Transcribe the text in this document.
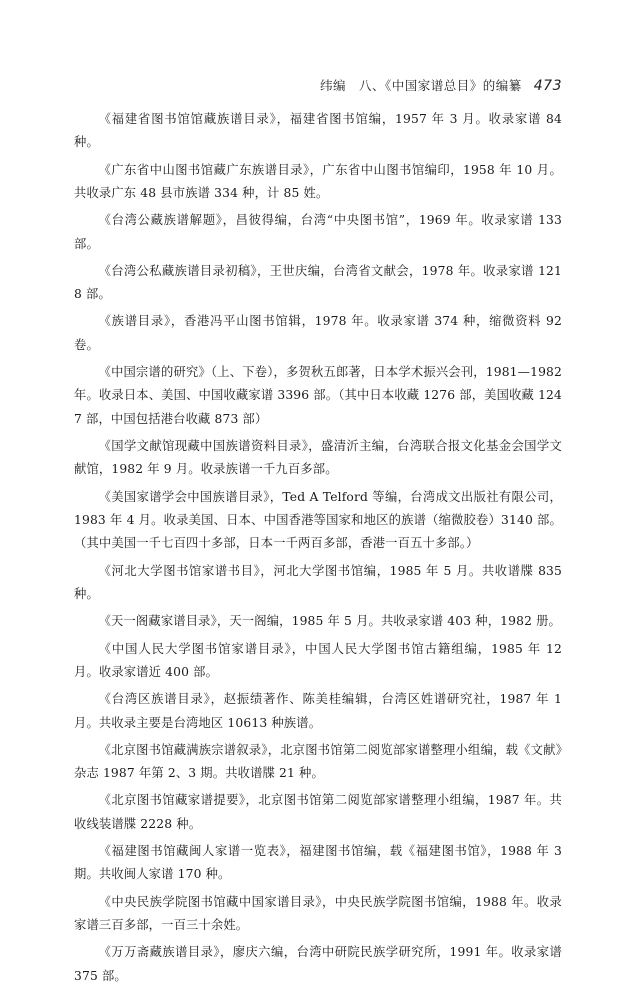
纬编　八、《中国家谱总目》的编纂 473

《福建省图书馆馆藏族谱目录》，福建省图书馆编，1957 年 3 月。收录家谱 84 种。

《广东省中山图书馆藏广东族谱目录》，广东省中山图书馆编印，1958 年 10 月。共收录广东 48 县市族谱 334 种，计 85 姓。

《台湾公藏族谱解题》，昌彼得编，台湾“中央图书馆”，1969 年。收录家谱 133 部。

《台湾公私藏族谱目录初稿》，王世庆编，台湾省文献会，1978 年。收录家谱 1218 部。

《族谱目录》，香港冯平山图书馆辑，1978 年。收录家谱 374 种，缩微资料 92 卷。

《中国宗谱的研究》（上、下卷），多贺秋五郎著，日本学术振兴会刊，1981—1982 年。收录日本、美国、中国收藏家谱 3396 部。（其中日本收藏 1276 部，美国收藏 1247 部，中国包括港台收藏 873 部）

《国学文献馆现藏中国族谱资料目录》，盛清沂主编，台湾联合报文化基金会国学文献馆，1982 年 9 月。收录族谱一千九百多部。

《美国家谱学会中国族谱目录》，Ted A Telford 等编，台湾成文出版社有限公司，1983 年 4 月。收录美国、日本、中国香港等国家和地区的族谱（缩微胶卷）3140 部。（其中美国一千七百四十多部，日本一千两百多部，香港一百五十多部。）

《河北大学图书馆家谱书目》，河北大学图书馆编，1985 年 5 月。共收谱牒 835 种。

《天一阁藏家谱目录》，天一阁编，1985 年 5 月。共收录家谱 403 种，1982 册。

《中国人民大学图书馆家谱目录》，中国人民大学图书馆古籍组编，1985 年 12 月。收录家谱近 400 部。

《台湾区族谱目录》，赵振绩著作、陈美桂编辑，台湾区姓谱研究社，1987 年 1 月。共收录主要是台湾地区 10613 种族谱。

《北京图书馆藏满族宗谱叙录》，北京图书馆第二阅览部家谱整理小组编，载《文献》杂志 1987 年第 2、3 期。共收谱牒 21 种。

《北京图书馆藏家谱提要》，北京图书馆第二阅览部家谱整理小组编，1987 年。共收线装谱牒 2228 种。

《福建图书馆藏闽人家谱一览表》，福建图书馆编，载《福建图书馆》，1988 年 3 期。共收闽人家谱 170 种。

《中央民族学院图书馆藏中国家谱目录》，中央民族学院图书馆编，1988 年。收录家谱三百多部，一百三十余姓。

《万万斋藏族谱目录》，廖庆六编，台湾中研院民族学研究所，1991 年。收录家谱 375 部。
